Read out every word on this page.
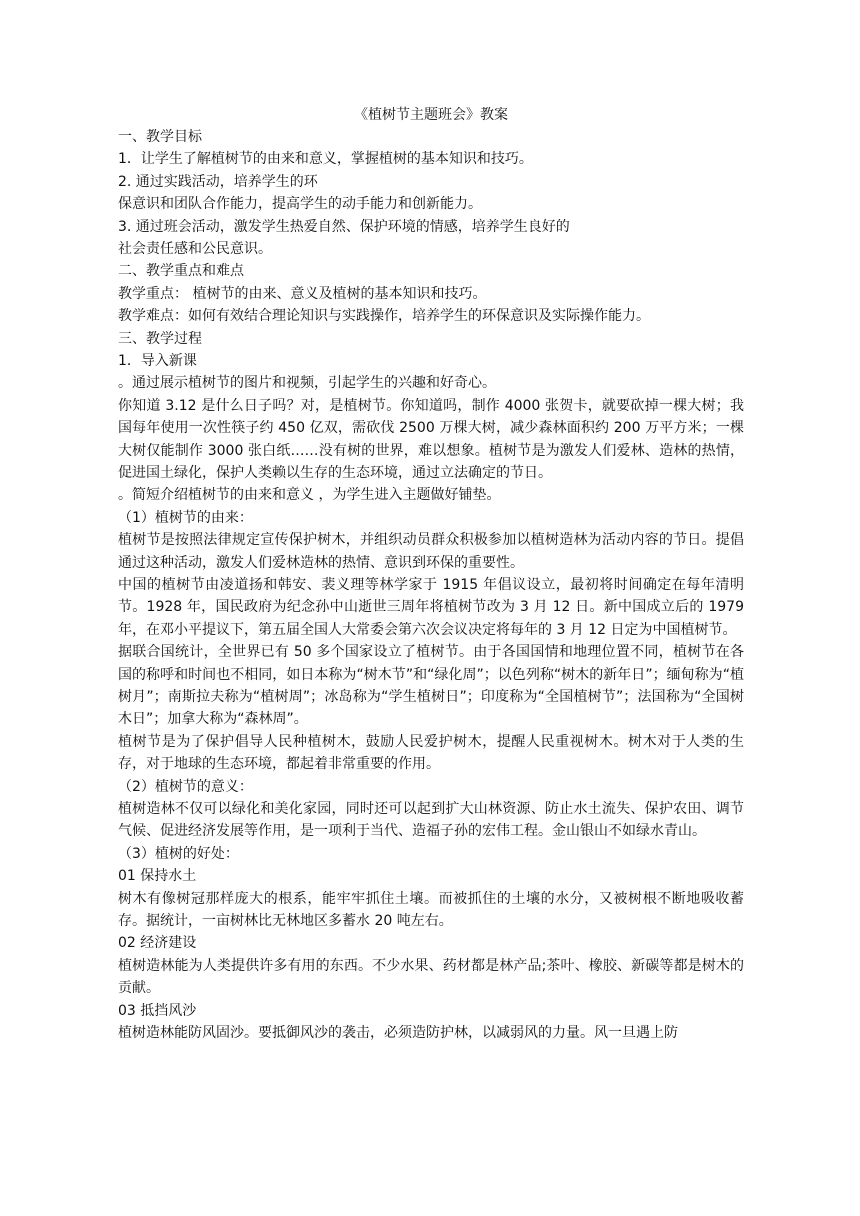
《植树节主题班会》教案
一、教学目标
1．让学生了解植树节的由来和意义，掌握植树的基本知识和技巧。
2. 通过实践活动，培养学生的环
保意识和团队合作能力，提高学生的动手能力和创新能力。
3. 通过班会活动，激发学生热爱自然、保护环境的情感，培养学生良好的
社会责任感和公民意识。
二、教学重点和难点
教学重点： 植树节的由来、意义及植树的基本知识和技巧。
教学难点：如何有效结合理论知识与实践操作，培养学生的环保意识及实际操作能力。
三、教学过程
1．导入新课
。通过展示植树节的图片和视频，引起学生的兴趣和好奇心。
你知道 3.12 是什么日子吗？对，是植树节。你知道吗，制作 4000 张贺卡，就要砍掉一棵大树；我国每年使用一次性筷子约 450 亿双，需砍伐 2500 万棵大树，减少森林面积约 200 万平方米；一棵大树仅能制作 3000 张白纸……没有树的世界，难以想象。植树节是为激发人们爱林、造林的热情，促进国土绿化，保护人类赖以生存的生态环境，通过立法确定的节日。
。简短介绍植树节的由来和意义 ，为学生进入主题做好铺垫。
（1）植树节的由来：
植树节是按照法律规定宣传保护树木，并组织动员群众积极参加以植树造林为活动内容的节日。提倡通过这种活动，激发人们爱林造林的热情、意识到环保的重要性。
中国的植树节由凌道扬和韩安、裴义理等林学家于 1915 年倡议设立，最初将时间确定在每年清明节。1928 年，国民政府为纪念孙中山逝世三周年将植树节改为 3 月 12 日。新中国成立后的 1979 年，在邓小平提议下，第五届全国人大常委会第六次会议决定将每年的 3 月 12 日定为中国植树节。
据联合国统计，全世界已有 50 多个国家设立了植树节。由于各国国情和地理位置不同，植树节在各国的称呼和时间也不相同，如日本称为“树木节”和“绿化周”；以色列称“树木的新年日”；缅甸称为“植树月”；南斯拉夫称为“植树周”；冰岛称为“学生植树日”；印度称为“全国植树节”；法国称为“全国树木日”；加拿大称为“森林周”。
植树节是为了保护倡导人民种植树木，鼓励人民爱护树木，提醒人民重视树木。树木对于人类的生存，对于地球的生态环境，都起着非常重要的作用。
（2）植树节的意义：
植树造林不仅可以绿化和美化家园，同时还可以起到扩大山林资源、防止水土流失、保护农田、调节气候、促进经济发展等作用，是一项利于当代、造福子孙的宏伟工程。金山银山不如绿水青山。
（3）植树的好处：
01 保持水土
树木有像树冠那样庞大的根系，能牢牢抓住土壤。而被抓住的土壤的水分，又被树根不断地吸收蓄存。据统计，一亩树林比无林地区多蓄水 20 吨左右。
02 经济建设
植树造林能为人类提供许多有用的东西。不少水果、药材都是林产品;茶叶、橡胶、新碳等都是树木的贡献。
03 抵挡风沙
植树造林能防风固沙。要抵御风沙的袭击，必须造防护林，以减弱风的力量。风一旦遇上防
